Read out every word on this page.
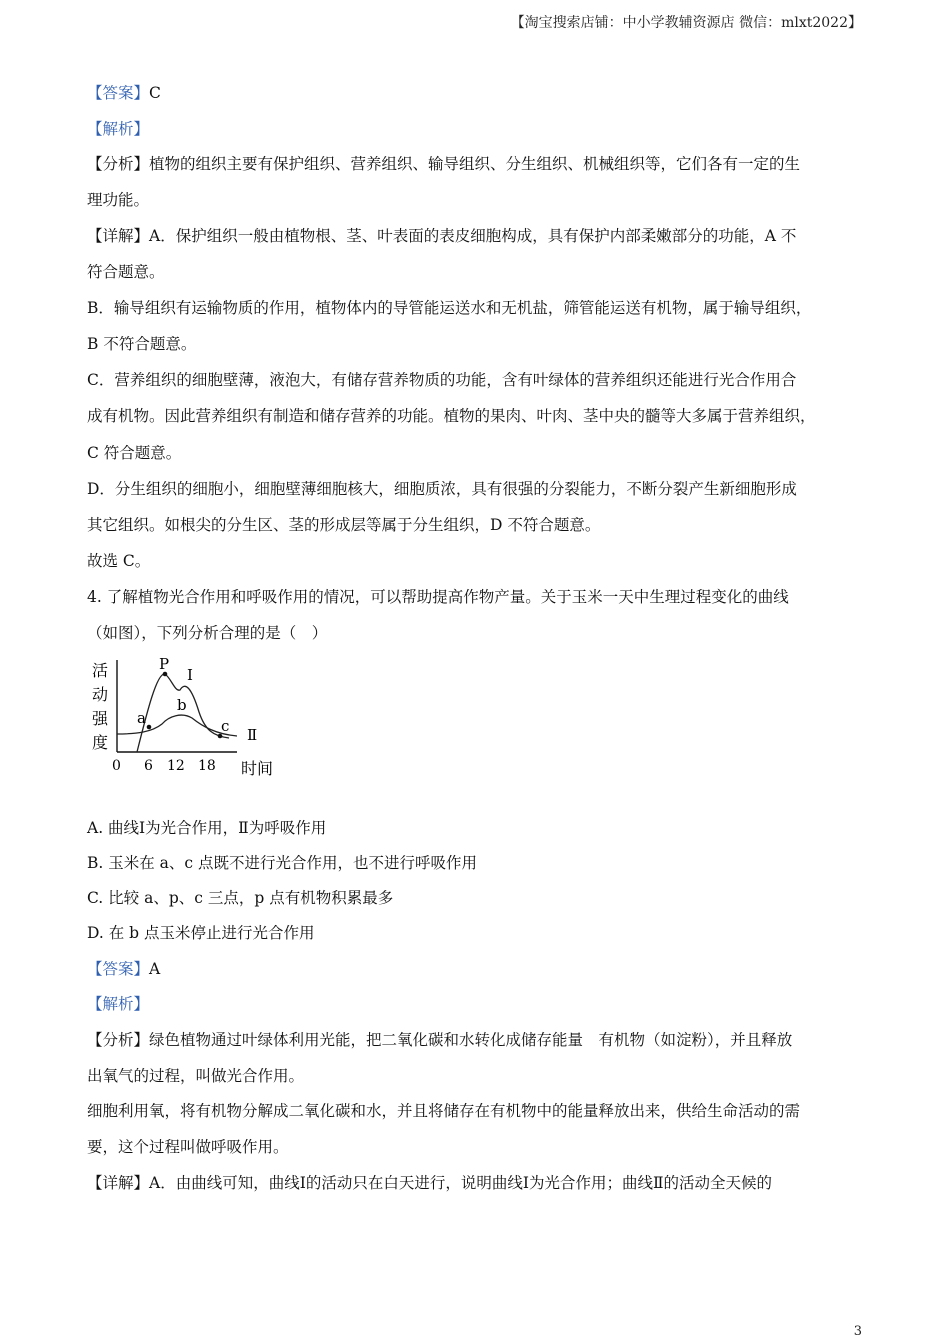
【淘宝搜索店铺：中小学教辅资源店 微信：mlxt2022】
【答案】C
【解析】
【分析】植物的组织主要有保护组织、营养组织、输导组织、分生组织、机械组织等，它们各有一定的生
理功能。
【详解】A．保护组织一般由植物根、茎、叶表面的表皮细胞构成，具有保护内部柔嫩部分的功能，A 不
符合题意。
B．输导组织有运输物质的作用，植物体内的导管能运送水和无机盐，筛管能运送有机物，属于输导组织，
B 不符合题意。
C．营养组织的细胞壁薄，液泡大，有储存营养物质的功能，含有叶绿体的营养组织还能进行光合作用合
成有机物。因此营养组织有制造和储存营养的功能。植物的果肉、叶肉、茎中央的髓等大多属于营养组织，
C 符合题意。
D．分生组织的细胞小，细胞壁薄细胞核大，细胞质浓，具有很强的分裂能力，不断分裂产生新细胞形成
其它组织。如根尖的分生区、茎的形成层等属于分生组织，D 不符合题意。
故选 C。
4. 了解植物光合作用和呼吸作用的情况，可以帮助提高作物产量。关于玉米一天中生理过程变化的曲线
（如图），下列分析合理的是（　）
活
动
强
度
P
a
b
c
Ⅰ
Ⅱ
0 6 12 18 时间
A. 曲线Ⅰ为光合作用，Ⅱ为呼吸作用
B. 玉米在 a、c 点既不进行光合作用，也不进行呼吸作用
C. 比较 a、p、c 三点，p 点有机物积累最多
D. 在 b 点玉米停止进行光合作用
【答案】A
【解析】
【分析】绿色植物通过叶绿体利用光能，把二氧化碳和水转化成储存能量　有机物（如淀粉），并且释放
出氧气的过程，叫做光合作用。
细胞利用氧，将有机物分解成二氧化碳和水，并且将储存在有机物中的能量释放出来，供给生命活动的需
要，这个过程叫做呼吸作用。
【详解】A．由曲线可知，曲线Ⅰ的活动只在白天进行，说明曲线Ⅰ为光合作用；曲线Ⅱ的活动全天候的
3
